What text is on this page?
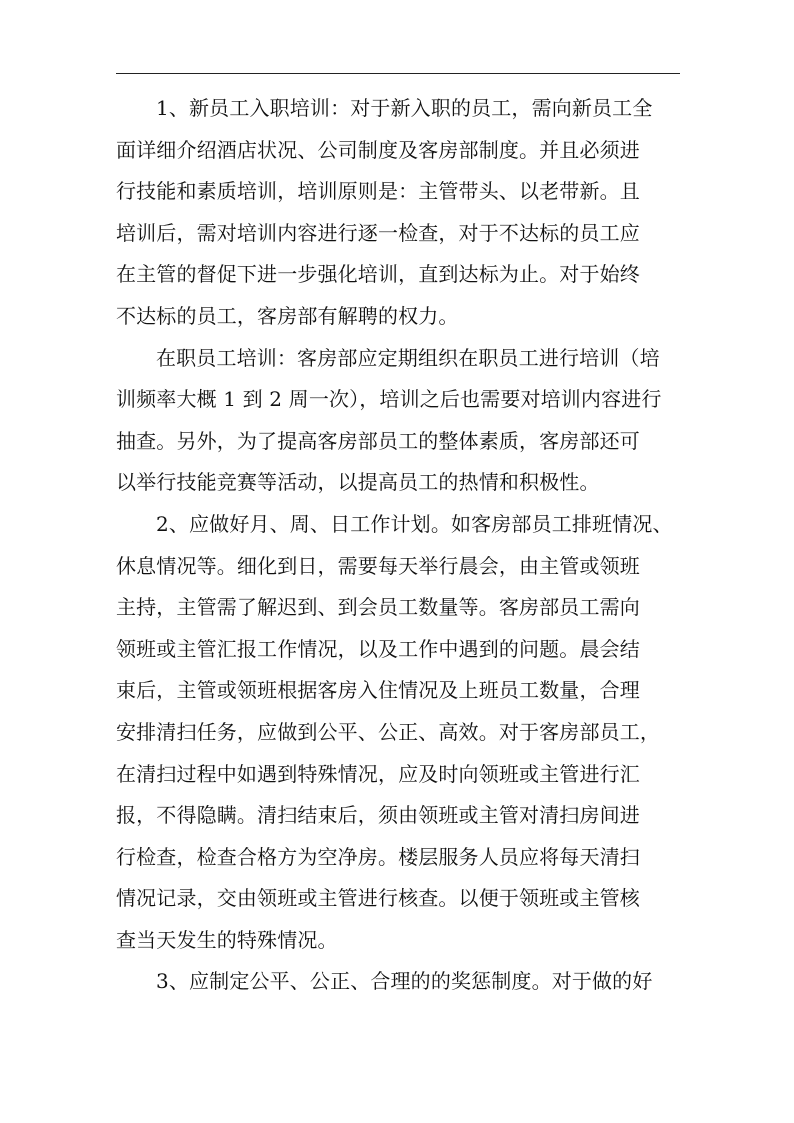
1、新员工入职培训：对于新入职的员工，需向新员工全
面详细介绍酒店状况、公司制度及客房部制度。并且必须进
行技能和素质培训，培训原则是：主管带头、以老带新。且
培训后，需对培训内容进行逐一检查，对于不达标的员工应
在主管的督促下进一步强化培训，直到达标为止。对于始终
不达标的员工，客房部有解聘的权力。
在职员工培训：客房部应定期组织在职员工进行培训（培
训频率大概 1 到 2 周一次），培训之后也需要对培训内容进行
抽查。另外，为了提高客房部员工的整体素质，客房部还可
以举行技能竞赛等活动，以提高员工的热情和积极性。
2、应做好月、周、日工作计划。如客房部员工排班情况、
休息情况等。细化到日，需要每天举行晨会，由主管或领班
主持，主管需了解迟到、到会员工数量等。客房部员工需向
领班或主管汇报工作情况，以及工作中遇到的问题。晨会结
束后，主管或领班根据客房入住情况及上班员工数量，合理
安排清扫任务，应做到公平、公正、高效。对于客房部员工，
在清扫过程中如遇到特殊情况，应及时向领班或主管进行汇
报，不得隐瞒。清扫结束后，须由领班或主管对清扫房间进
行检查，检查合格方为空净房。楼层服务人员应将每天清扫
情况记录，交由领班或主管进行核查。以便于领班或主管核
查当天发生的特殊情况。
3、应制定公平、公正、合理的的奖惩制度。对于做的好
